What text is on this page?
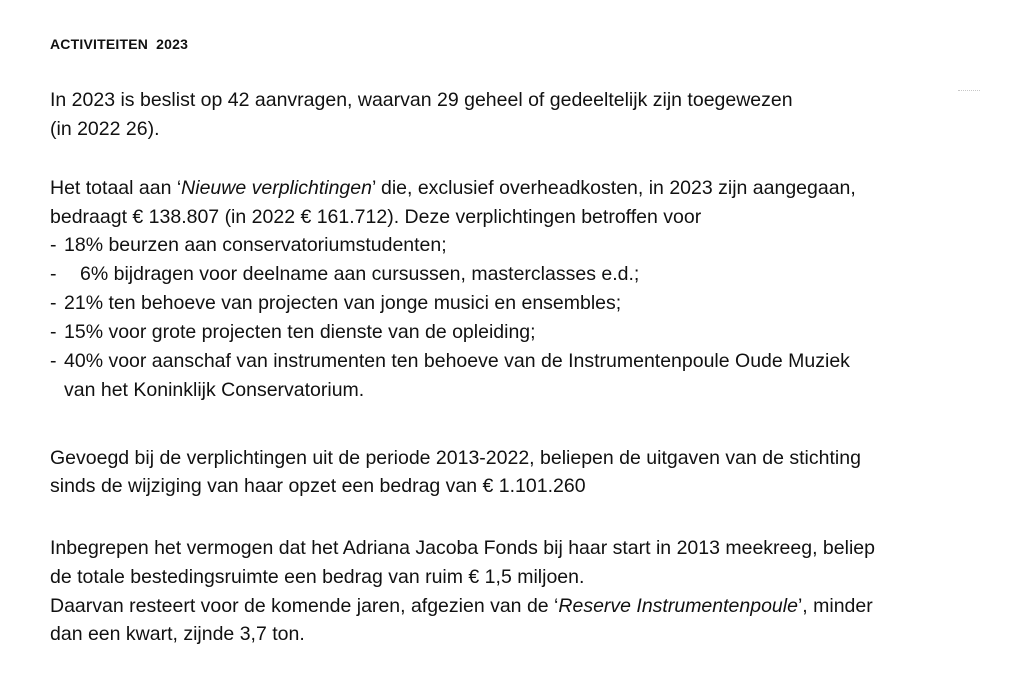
ACTIVITEITEN 2023
In 2023 is beslist op 42 aanvragen, waarvan 29 geheel of gedeeltelijk zijn toegewezen
(in 2022 26).
Het totaal aan ‘Nieuwe verplichtingen’ die, exclusief overheadkosten, in 2023 zijn aangegaan,
bedraagt € 138.807 (in 2022 € 161.712). Deze verplichtingen betroffen voor
- 18% beurzen aan conservatoriumstudenten;
- 6% bijdragen voor deelname aan cursussen, masterclasses e.d.;
- 21% ten behoeve van projecten van jonge musici en ensembles;
- 15% voor grote projecten ten dienste van de opleiding;
- 40% voor aanschaf van instrumenten ten behoeve van de Instrumentenpoule Oude Muziek
van het Koninklijk Conservatorium.
Gevoegd bij de verplichtingen uit de periode 2013-2022, beliepen de uitgaven van de stichting
sinds de wijziging van haar opzet een bedrag van € 1.101.260
Inbegrepen het vermogen dat het Adriana Jacoba Fonds bij haar start in 2013 meekreeg, beliep
de totale bestedingsruimte een bedrag van ruim € 1,5 miljoen.
Daarvan resteert voor de komende jaren, afgezien van de ‘Reserve Instrumentenpoule’, minder
dan een kwart, zijnde 3,7 ton.
